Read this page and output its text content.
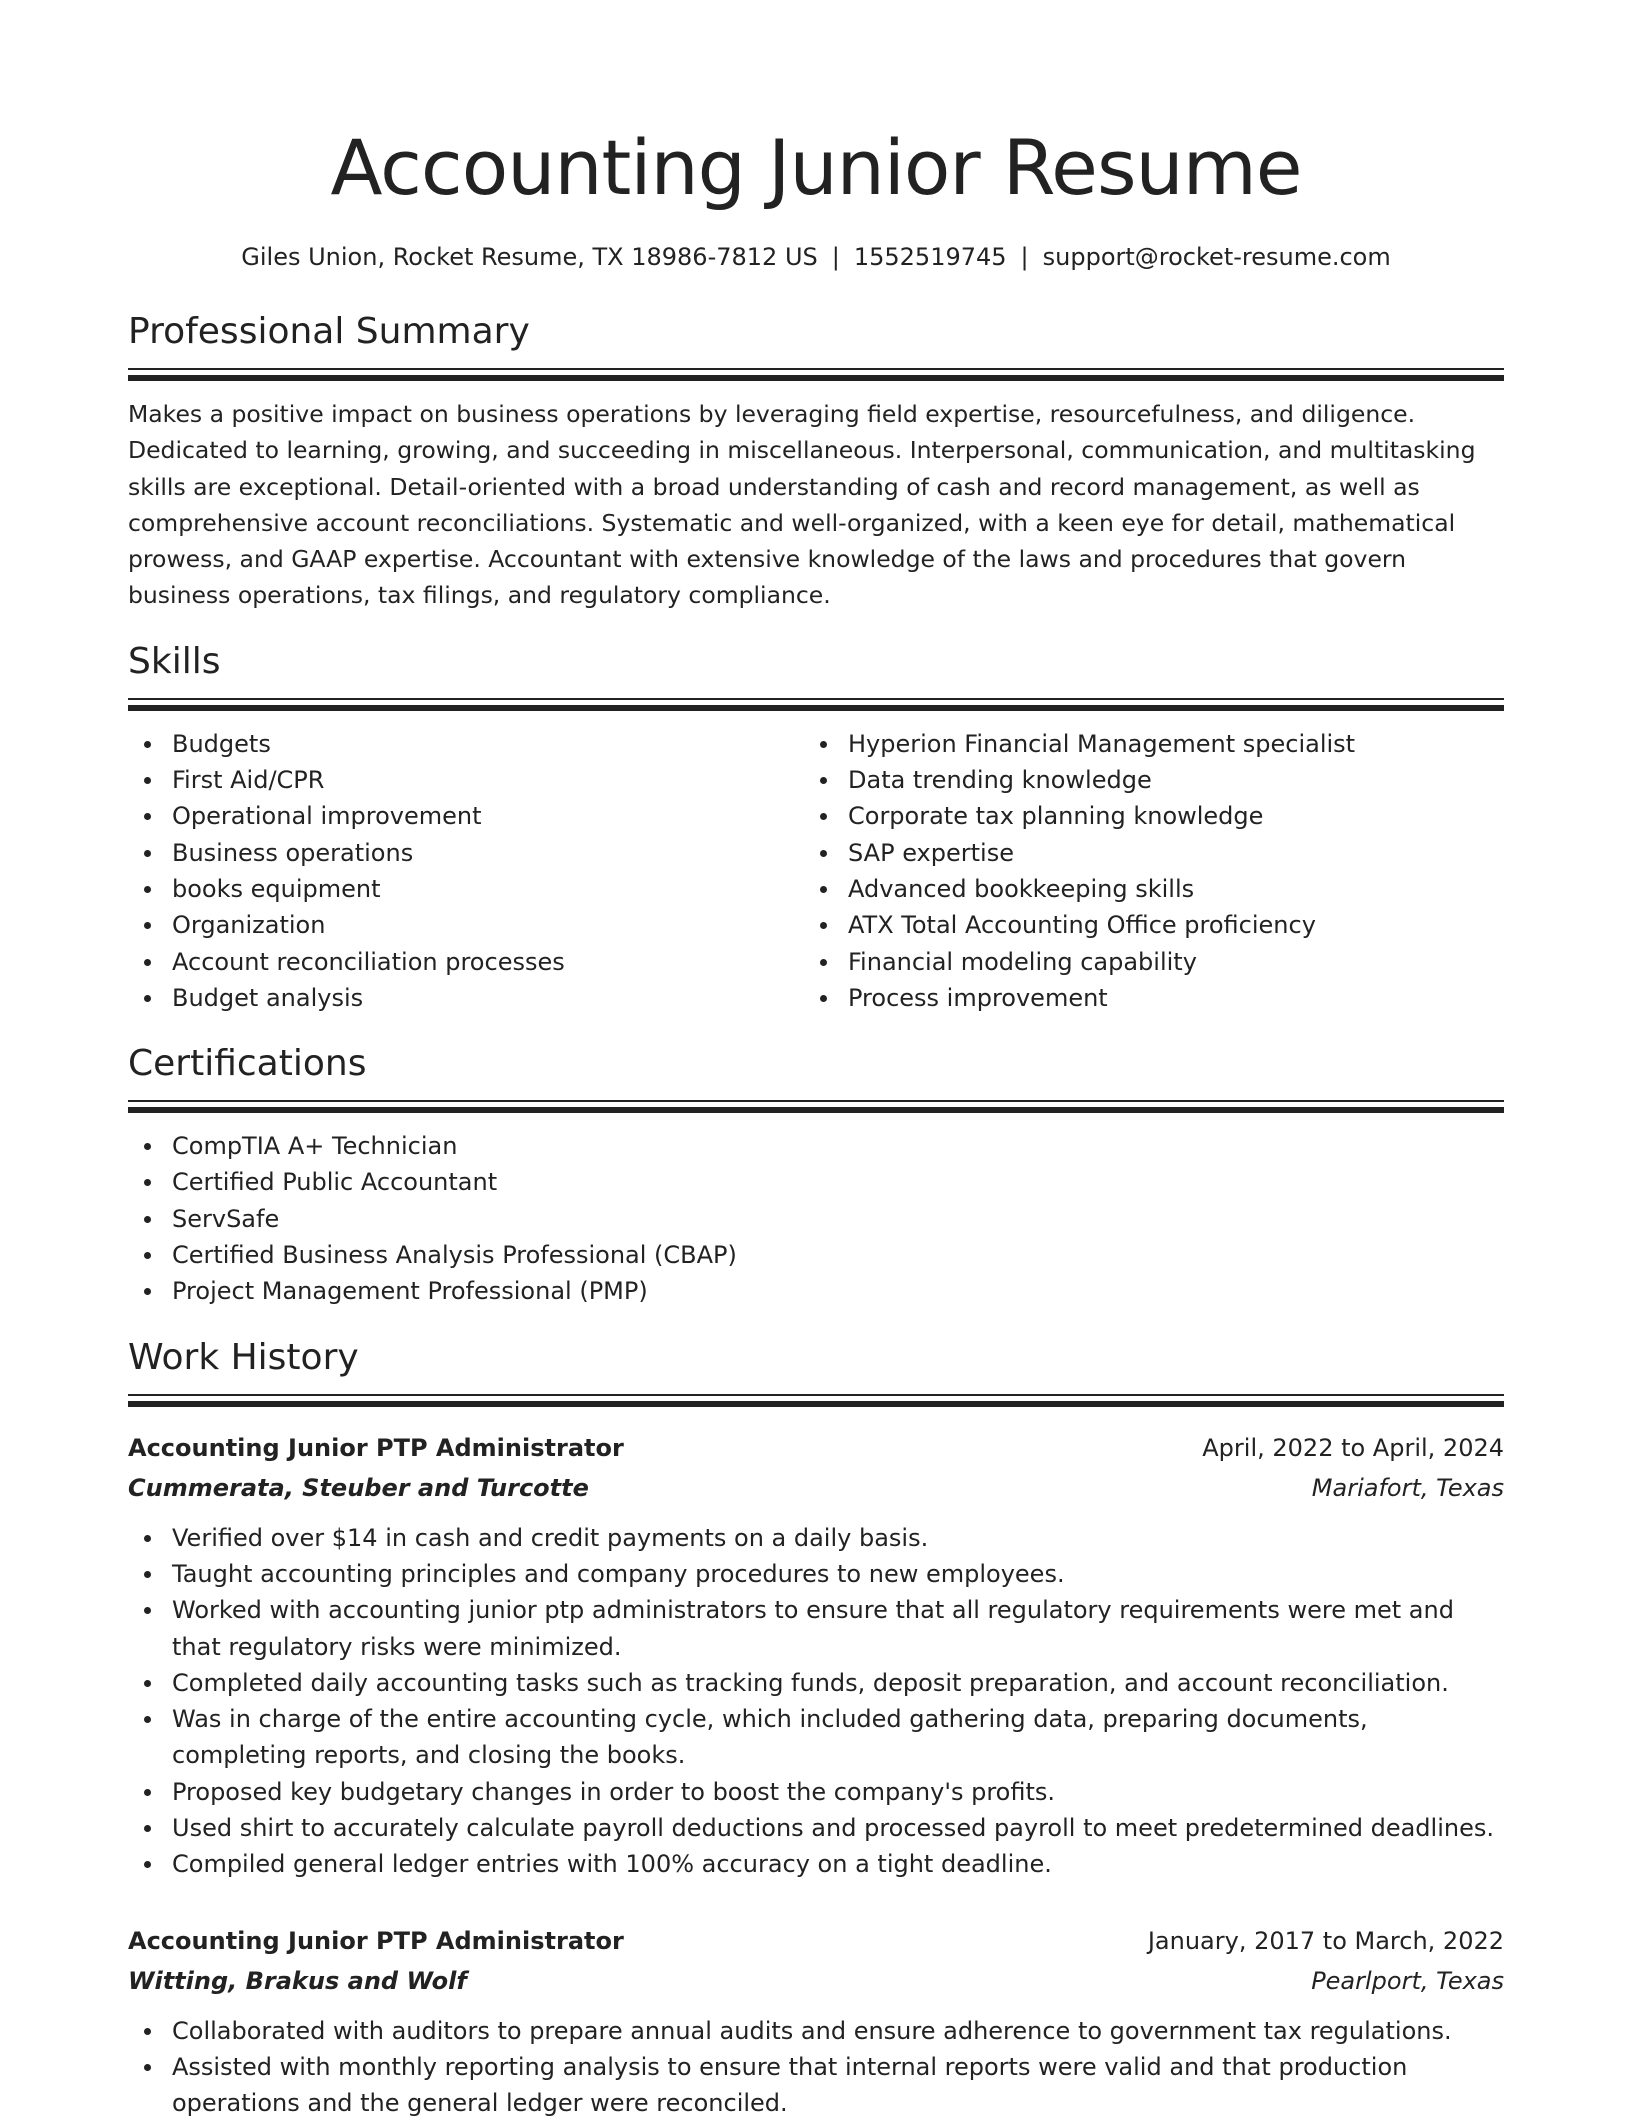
Accounting Junior Resume
Giles Union, Rocket Resume, TX 18986-7812 US | 1552519745 | support@rocket-resume.com
Professional Summary
Makes a positive impact on business operations by leveraging field expertise, resourcefulness, and diligence. Dedicated to learning, growing, and succeeding in miscellaneous. Interpersonal, communication, and multitasking skills are exceptional. Detail-oriented with a broad understanding of cash and record management, as well as comprehensive account reconciliations. Systematic and well-organized, with a keen eye for detail, mathematical prowess, and GAAP expertise. Accountant with extensive knowledge of the laws and procedures that govern business operations, tax filings, and regulatory compliance.
Skills
Budgets
First Aid/CPR
Operational improvement
Business operations
books equipment
Organization
Account reconciliation processes
Budget analysis
Hyperion Financial Management specialist
Data trending knowledge
Corporate tax planning knowledge
SAP expertise
Advanced bookkeeping skills
ATX Total Accounting Office proficiency
Financial modeling capability
Process improvement
Certifications
CompTIA A+ Technician
Certified Public Accountant
ServSafe
Certified Business Analysis Professional (CBAP)
Project Management Professional (PMP)
Work History
Accounting Junior PTP Administrator	April, 2022 to April, 2024
Cummerata, Steuber and Turcotte	Mariafort, Texas
Verified over $14 in cash and credit payments on a daily basis.
Taught accounting principles and company procedures to new employees.
Worked with accounting junior ptp administrators to ensure that all regulatory requirements were met and that regulatory risks were minimized.
Completed daily accounting tasks such as tracking funds, deposit preparation, and account reconciliation.
Was in charge of the entire accounting cycle, which included gathering data, preparing documents, completing reports, and closing the books.
Proposed key budgetary changes in order to boost the company's profits.
Used shirt to accurately calculate payroll deductions and processed payroll to meet predetermined deadlines.
Compiled general ledger entries with 100% accuracy on a tight deadline.
Accounting Junior PTP Administrator	January, 2017 to March, 2022
Witting, Brakus and Wolf	Pearlport, Texas
Collaborated with auditors to prepare annual audits and ensure adherence to government tax regulations.
Assisted with monthly reporting analysis to ensure that internal reports were valid and that production operations and the general ledger were reconciled.
